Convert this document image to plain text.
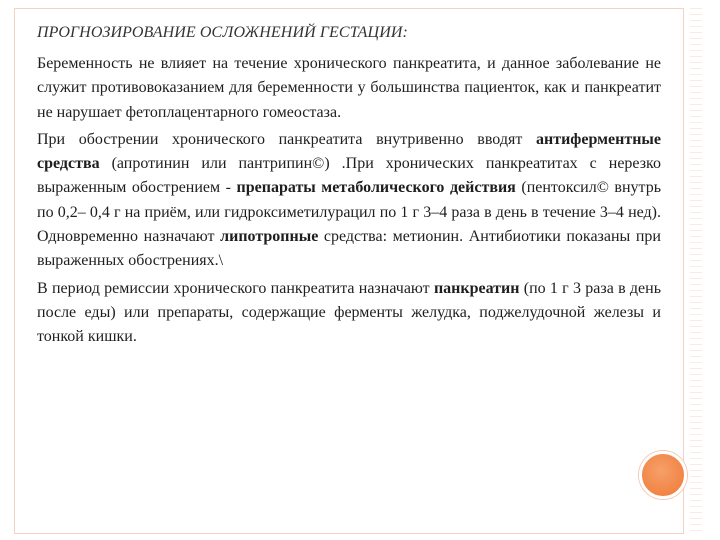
ПРОГНОЗИРОВАНИЕ ОСЛОЖНЕНИЙ ГЕСТАЦИИ:

Беременность не влияет на течение хронического панкреатита, и данное заболевание не служит противовоказанием для беременности у большинства пациенток, как и панкреатит не нарушает фетоплацентарного гомеостаза.

При обострении хронического панкреатита внутривенно вводят антиферментные средства (апротинин или пантрипин©) .При хронических панкреатитах с нерезко выраженным обострением - препараты метаболического действия (пентоксил© внутрь по 0,2– 0,4 г на приём, или гидроксиметилурацил по 1 г 3–4 раза в день в течение 3–4 нед). Одновременно назначают липотропные средства: метионин. Антибиотики показаны при выраженных обострениях.\

В период ремиссии хронического панкреатита назначают панкреатин (по 1 г 3 раза в день после еды) или препараты, содержащие ферменты желудка, поджелудочной железы и тонкой кишки.
